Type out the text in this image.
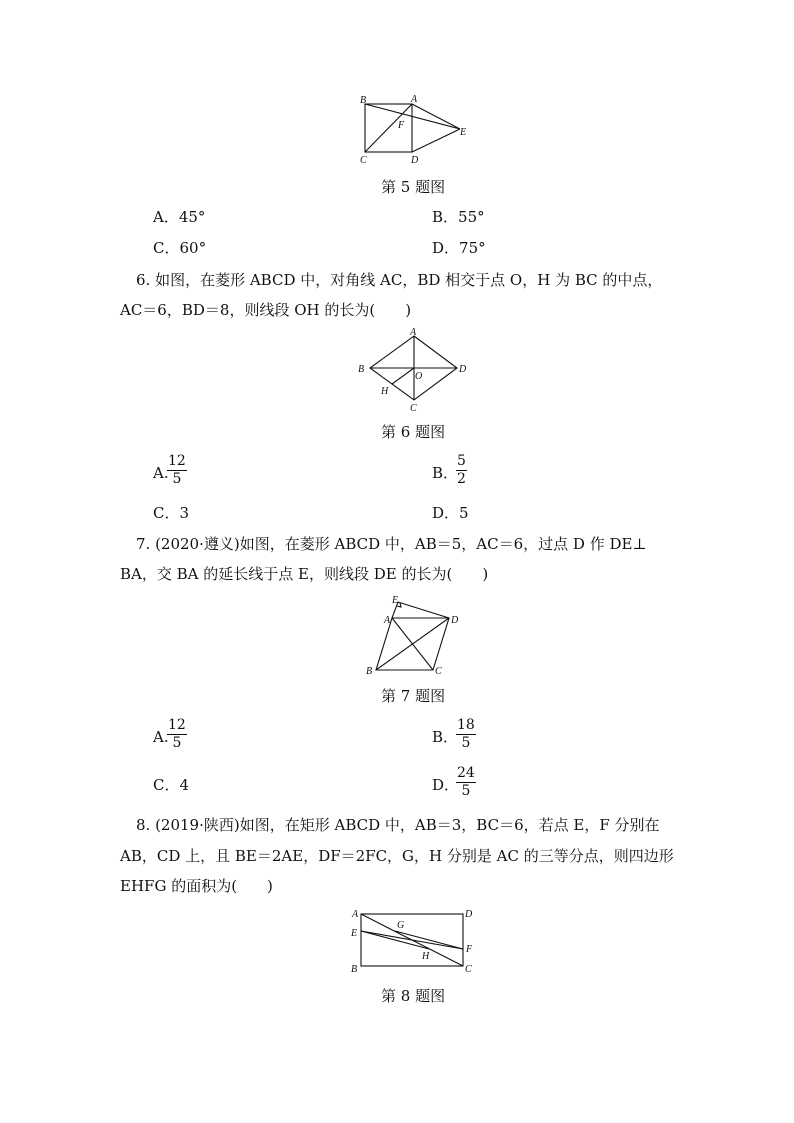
B	A
F
E
C	D
第 5 题图
A．45°	B．55°
C．60°	D．75°
6. 如图，在菱形 ABCD 中，对角线 AC，BD 相交于点 O，H 为 BC 的中点，
AC＝6，BD＝8，则线段 OH 的长为(　　)
A
B	D
O
H
C
第 6 题图
A.
$\frac{12}{5}$	B．
$\frac{5}{2}$
C．3	D．5
7. (2020·遵义)如图，在菱形 ABCD 中，AB＝5，AC＝6，过点 D 作 DE⊥
BA，交 BA 的延长线于点 E，则线段 DE 的长为(　　)
E
A	D
B	C
第 7 题图
A.
$\frac{12}{5}$	B．
$\frac{18}{5}$
C．4	D．
$\frac{24}{5}$
8. (2019·陕西)如图，在矩形 ABCD 中，AB＝3，BC＝6，若点 E，F 分别在
AB，CD 上，且 BE＝2AE，DF＝2FC，G，H 分别是 AC 的三等分点，则四边形
EHFG 的面积为(　　)
A	D
E
G
F
H
B	C
第 8 题图
